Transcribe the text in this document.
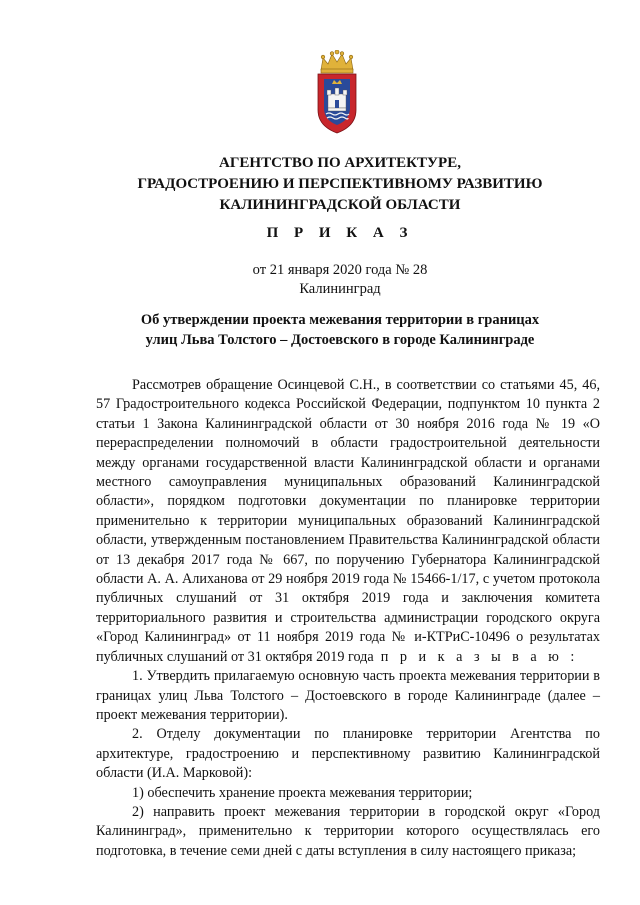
АГЕНТСТВО ПО АРХИТЕКТУРЕ,
ГРАДОСТРОЕНИЮ И ПЕРСПЕКТИВНОМУ РАЗВИТИЮ
КАЛИНИНГРАДСКОЙ ОБЛАСТИ
П Р И К А З
от 21 января 2020 года № 28
Калининград
Об утверждении проекта межевания территории в границах
улиц Льва Толстого – Достоевского в городе Калининграде

Рассмотрев обращение Осинцевой С.Н., в соответствии со статьями 45, 46, 57 Градостроительного кодекса Российской Федерации, подпунктом 10 пункта 2 статьи 1 Закона Калининградской области от 30 ноября 2016 года № 19 «О перераспределении полномочий в области градостроительной деятельности между органами государственной власти Калининградской области и органами местного самоуправления муниципальных образований Калининградской области», порядком подготовки документации по планировке территории применительно к территории муниципальных образований Калининградской области, утвержденным постановлением Правительства Калининградской области от 13 декабря 2017 года № 667, по поручению Губернатора Калининградской области А. А. Алиханова от 29 ноября 2019 года № 15466-1/17, с учетом протокола публичных слушаний от 31 октября 2019 года и заключения комитета территориального развития и строительства администрации городского округа «Город Калининград» от 11 ноября 2019 года № и-КТРиС-10496 о результатах публичных слушаний от 31 октября 2019 года п р и к а з ы в а ю :

1. Утвердить прилагаемую основную часть проекта межевания территории в границах улиц Льва Толстого – Достоевского в городе Калининграде (далее – проект межевания территории).

2. Отделу документации по планировке территории Агентства по архитектуре, градостроению и перспективному развитию Калининградской области (И.А. Марковой):

1) обеспечить хранение проекта межевания территории;

2) направить проект межевания территории в городской округ «Город Калининград», применительно к территории которого осуществлялась его подготовка, в течение семи дней с даты вступления в силу настоящего приказа;
